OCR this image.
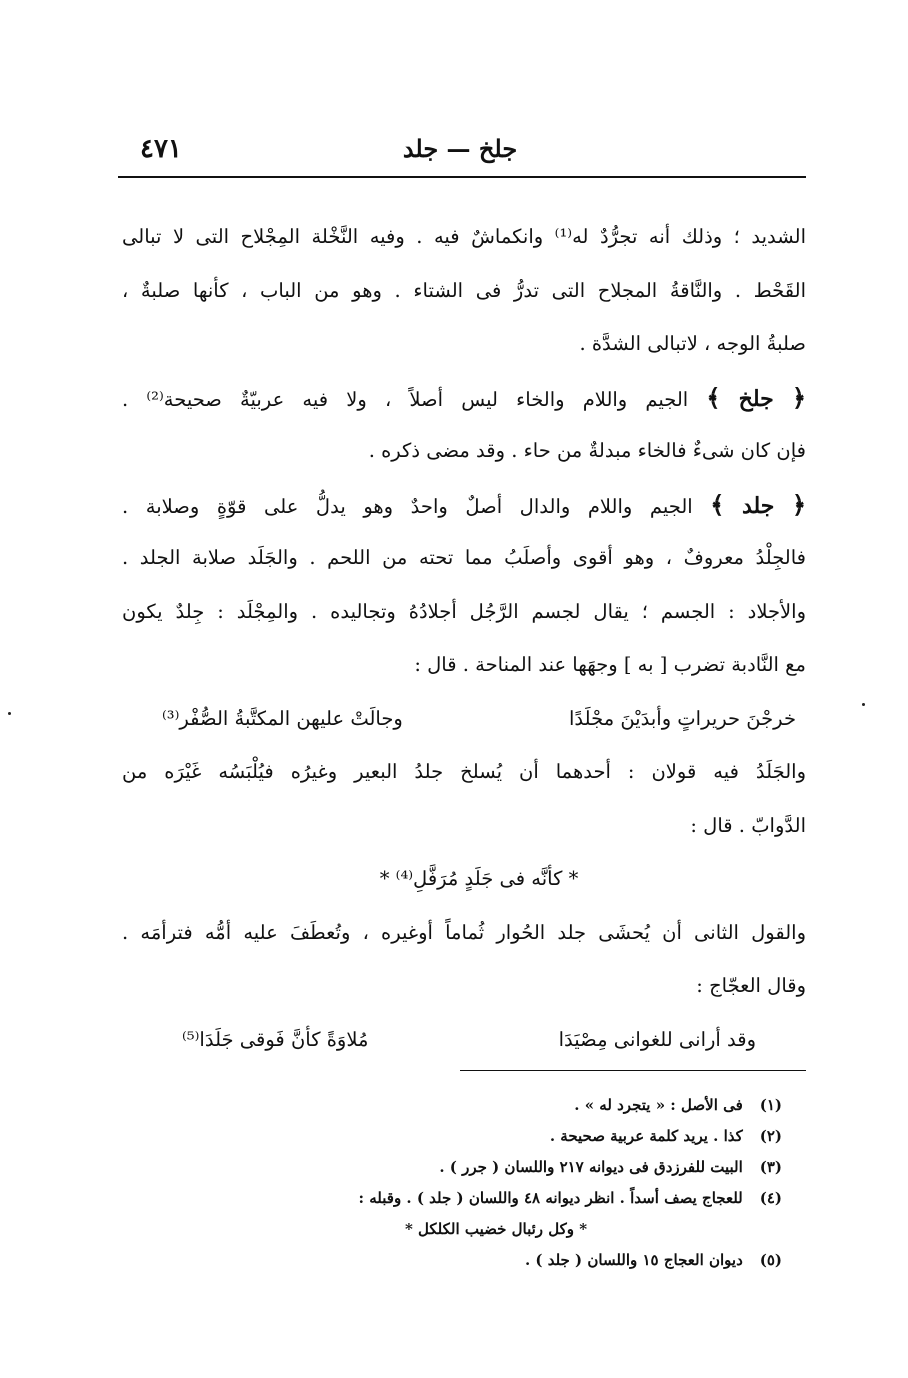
جلخ — جلد
٤٧١
الشديد ؛ وذلك أنه تجرُّدٌ له⁽¹⁾ وانكماشٌ فيه . وفيه النَّخْلة المِجْلاح التى لا تبالى
القَحْط . والنَّاقةُ المجلاح التى تدرُّ فى الشتاء . وهو من الباب ، كأنها صلبةٌ ،
صلبةُ الوجه ، لاتبالى الشدَّة .
﴿ جلخ ﴾ الجيم واللام والخاء ليس أصلاً ، ولا فيه عربيّةٌ صحيحة⁽²⁾ .
فإن كان شىءٌ فالخاء مبدلةٌ من حاء . وقد مضى ذكره .
﴿ جلد ﴾ الجيم واللام والدال أصلٌ واحدٌ وهو يدلُّ على قوّةٍ وصلابة .
فالجِلْدُ معروفٌ ، وهو أقوى وأصلَبُ مما تحته من اللحم . والجَلَد صلابة الجلد .
والأجلاد : الجسم ؛ يقال لجسم الرَّجُل أجلادُهُ وتجاليده . والمِجْلَد : جِلدٌ يكون
مع النَّادبة تضرب [ به ] وجهَها عند المناحة . قال :
خرجْنَ حريراتٍ وأبدَيْنَ مجْلَدًا
وجالَتْ عليهن المكتَّبةُ الصُّفْر⁽³⁾
والجَلَدُ فيه قولان : أحدهما أن يُسلخ جلدُ البعير وغيرُه فيُلْبَسُه غَيْرَه من
الدَّوابّ . قال :
* كأنَّه فى جَلَدٍ مُرَفَّلِ⁽⁴⁾ *
والقول الثانى أن يُحشَى جلد الحُوار ثُماماً أوغيره ، وتُعطَفَ عليه أمُّه فترأمَه .
وقال العجّاج :
وقد أرانى للغوانى مِصْيَدَا
مُلاوَةً كأنَّ فَوقى جَلَدَا⁽⁵⁾
(١) فى الأصل : « يتجرد له » .
(٢) كذا . يريد كلمة عربية صحيحة .
(٣) البيت للفرزدق فى ديوانه ٢١٧ واللسان ( جرر ) .
(٤) للعجاج يصف أسداً . انظر ديوانه ٤٨ واللسان ( جلد ) . وقبله :
* وكل رئبال خضيب الكلكل *
(٥) ديوان العجاج ١٥ واللسان ( جلد ) .
